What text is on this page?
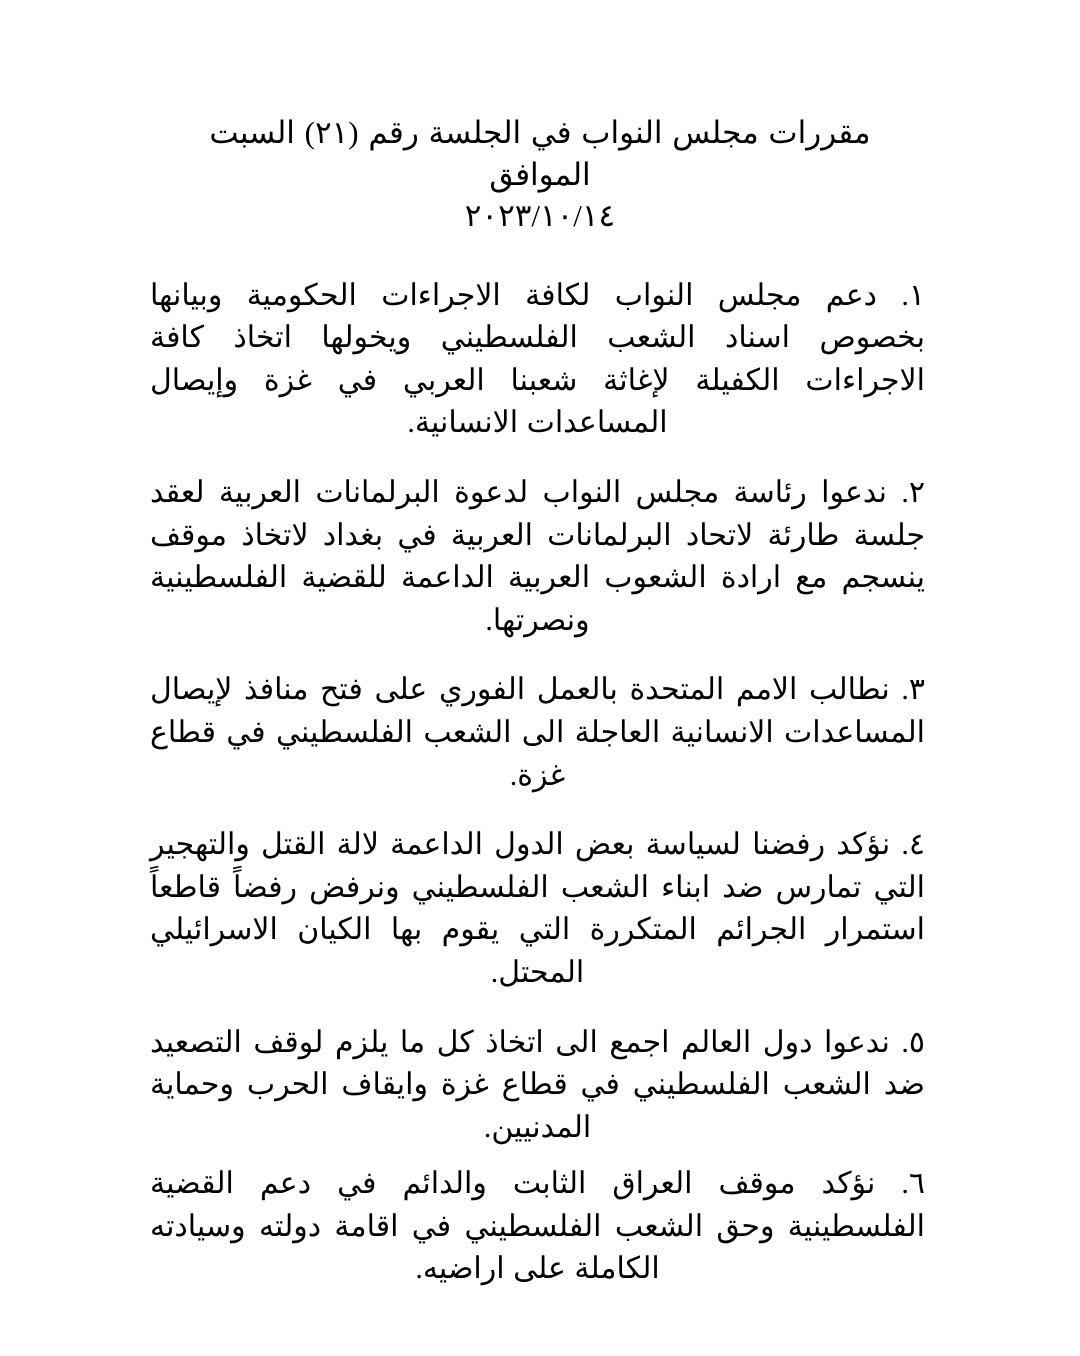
مقررات مجلس النواب في الجلسة رقم (٢١) السبت الموافق
٢٠٢٣/١٠/١٤
١. دعم مجلس النواب لكافة الاجراءات الحكومية وبيانها بخصوص اسناد الشعب الفلسطيني ويخولها اتخاذ كافة الاجراءات الكفيلة لإغاثة شعبنا العربي في غزة وإيصال المساعدات الانسانية.
٢. ندعوا رئاسة مجلس النواب لدعوة البرلمانات العربية لعقد جلسة طارئة لاتحاد البرلمانات العربية في بغداد لاتخاذ موقف ينسجم مع ارادة الشعوب العربية الداعمة للقضية الفلسطينية ونصرتها.
٣. نطالب الامم المتحدة بالعمل الفوري على فتح منافذ لإيصال المساعدات الانسانية العاجلة الى الشعب الفلسطيني في قطاع غزة.
٤. نؤكد رفضنا لسياسة بعض الدول الداعمة لالة القتل والتهجير التي تمارس ضد ابناء الشعب الفلسطيني ونرفض رفضاً قاطعاً استمرار الجرائم المتكررة التي يقوم بها الكيان الاسرائيلي المحتل.
٥. ندعوا دول العالم اجمع الى اتخاذ كل ما يلزم لوقف التصعيد ضد الشعب الفلسطيني في قطاع غزة وايقاف الحرب وحماية المدنيين.
٦. نؤكد موقف العراق الثابت والدائم في دعم القضية الفلسطينية وحق الشعب الفلسطيني في اقامة دولته وسيادته الكاملة على اراضيه.
